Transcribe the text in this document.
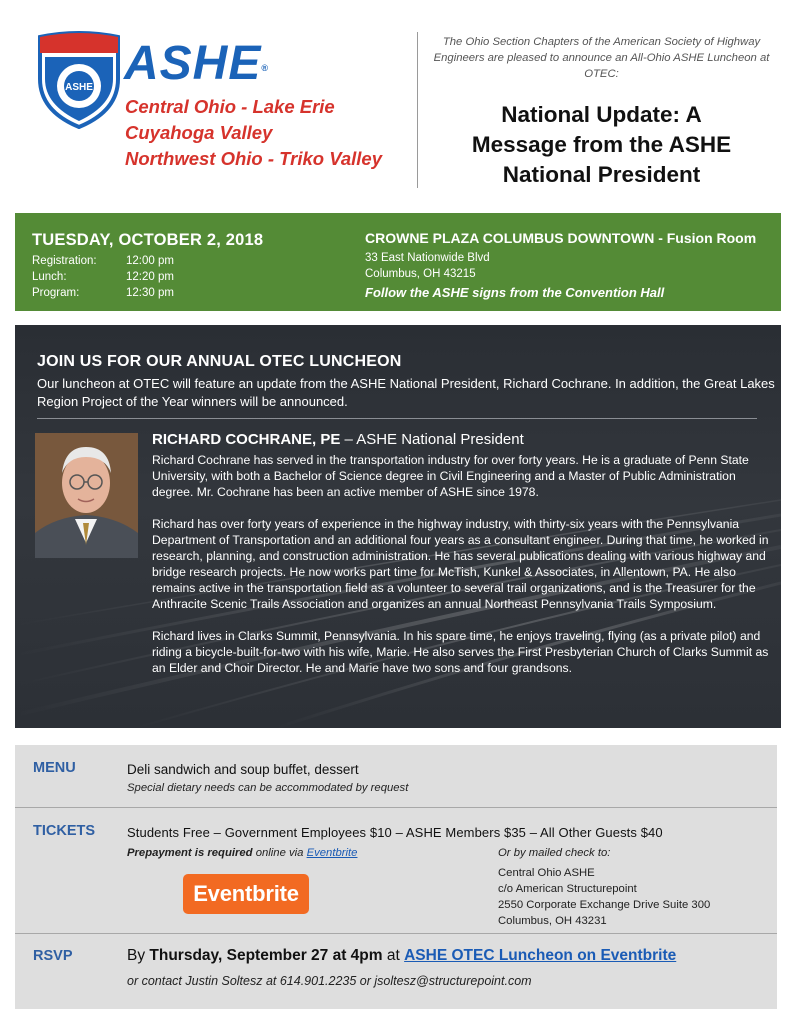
ASHE ASHE®
Central Ohio - Lake Erie
Cuyahoga Valley
Northwest Ohio - Triko Valley
The Ohio Section Chapters of the American Society of Highway Engineers are pleased to announce an All-Ohio ASHE Luncheon at OTEC:
National Update: A
Message from the ASHE
National President
TUESDAY, OCTOBER 2, 2018
Registration:	12:00 pm
Lunch:	12:20 pm
Program:	12:30 pm
CROWNE PLAZA COLUMBUS DOWNTOWN - Fusion Room
33 East Nationwide Blvd
Columbus, OH 43215
Follow the ASHE signs from the Convention Hall
JOIN US FOR OUR ANNUAL OTEC LUNCHEON
Our luncheon at OTEC will feature an update from the ASHE National President, Richard Cochrane. In addition, the Great Lakes Region Project of the Year winners will be announced.
RICHARD COCHRANE, PE – ASHE National President

Richard Cochrane has served in the transportation industry for over forty years. He is a graduate of Penn State University, with both a Bachelor of Science degree in Civil Engineering and a Master of Public Administration degree. Mr. Cochrane has been an active member of ASHE since 1978.

Richard has over forty years of experience in the highway industry, with thirty-six years with the Pennsylvania Department of Transportation and an additional four years as a consultant engineer. During that time, he worked in research, planning, and construction administration. He has several publications dealing with various highway and bridge research projects. He now works part time for McTish, Kunkel & Associates, in Allentown, PA. He also remains active in the transportation field as a volunteer to several trail organizations, and is the Treasurer for the Anthracite Scenic Trails Association and organizes an annual Northeast Pennsylvania Trails Symposium.

Richard lives in Clarks Summit, Pennsylvania. In his spare time, he enjoys traveling, flying (as a private pilot) and riding a bicycle-built-for-two with his wife, Marie. He also serves the First Presbyterian Church of Clarks Summit as an Elder and Choir Director. He and Marie have two sons and four grandsons.

MENU	Deli sandwich and soup buffet, dessert
Special dietary needs can be accommodated by request
TICKETS Students Free – Government Employees $10 – ASHE Members $35 – All Other Guests $40
Prepayment is required online via Eventbrite	Or by mailed check to:
Central Ohio ASHE
c/o American Structurepoint
2550 Corporate Exchange Drive Suite 300
Columbus, OH 43231
Eventbrite
RSVP	By Thursday, September 27 at 4pm at ASHE OTEC Luncheon on Eventbrite
or contact Justin Soltesz at 614.901.2235 or jsoltesz@structurepoint.com
